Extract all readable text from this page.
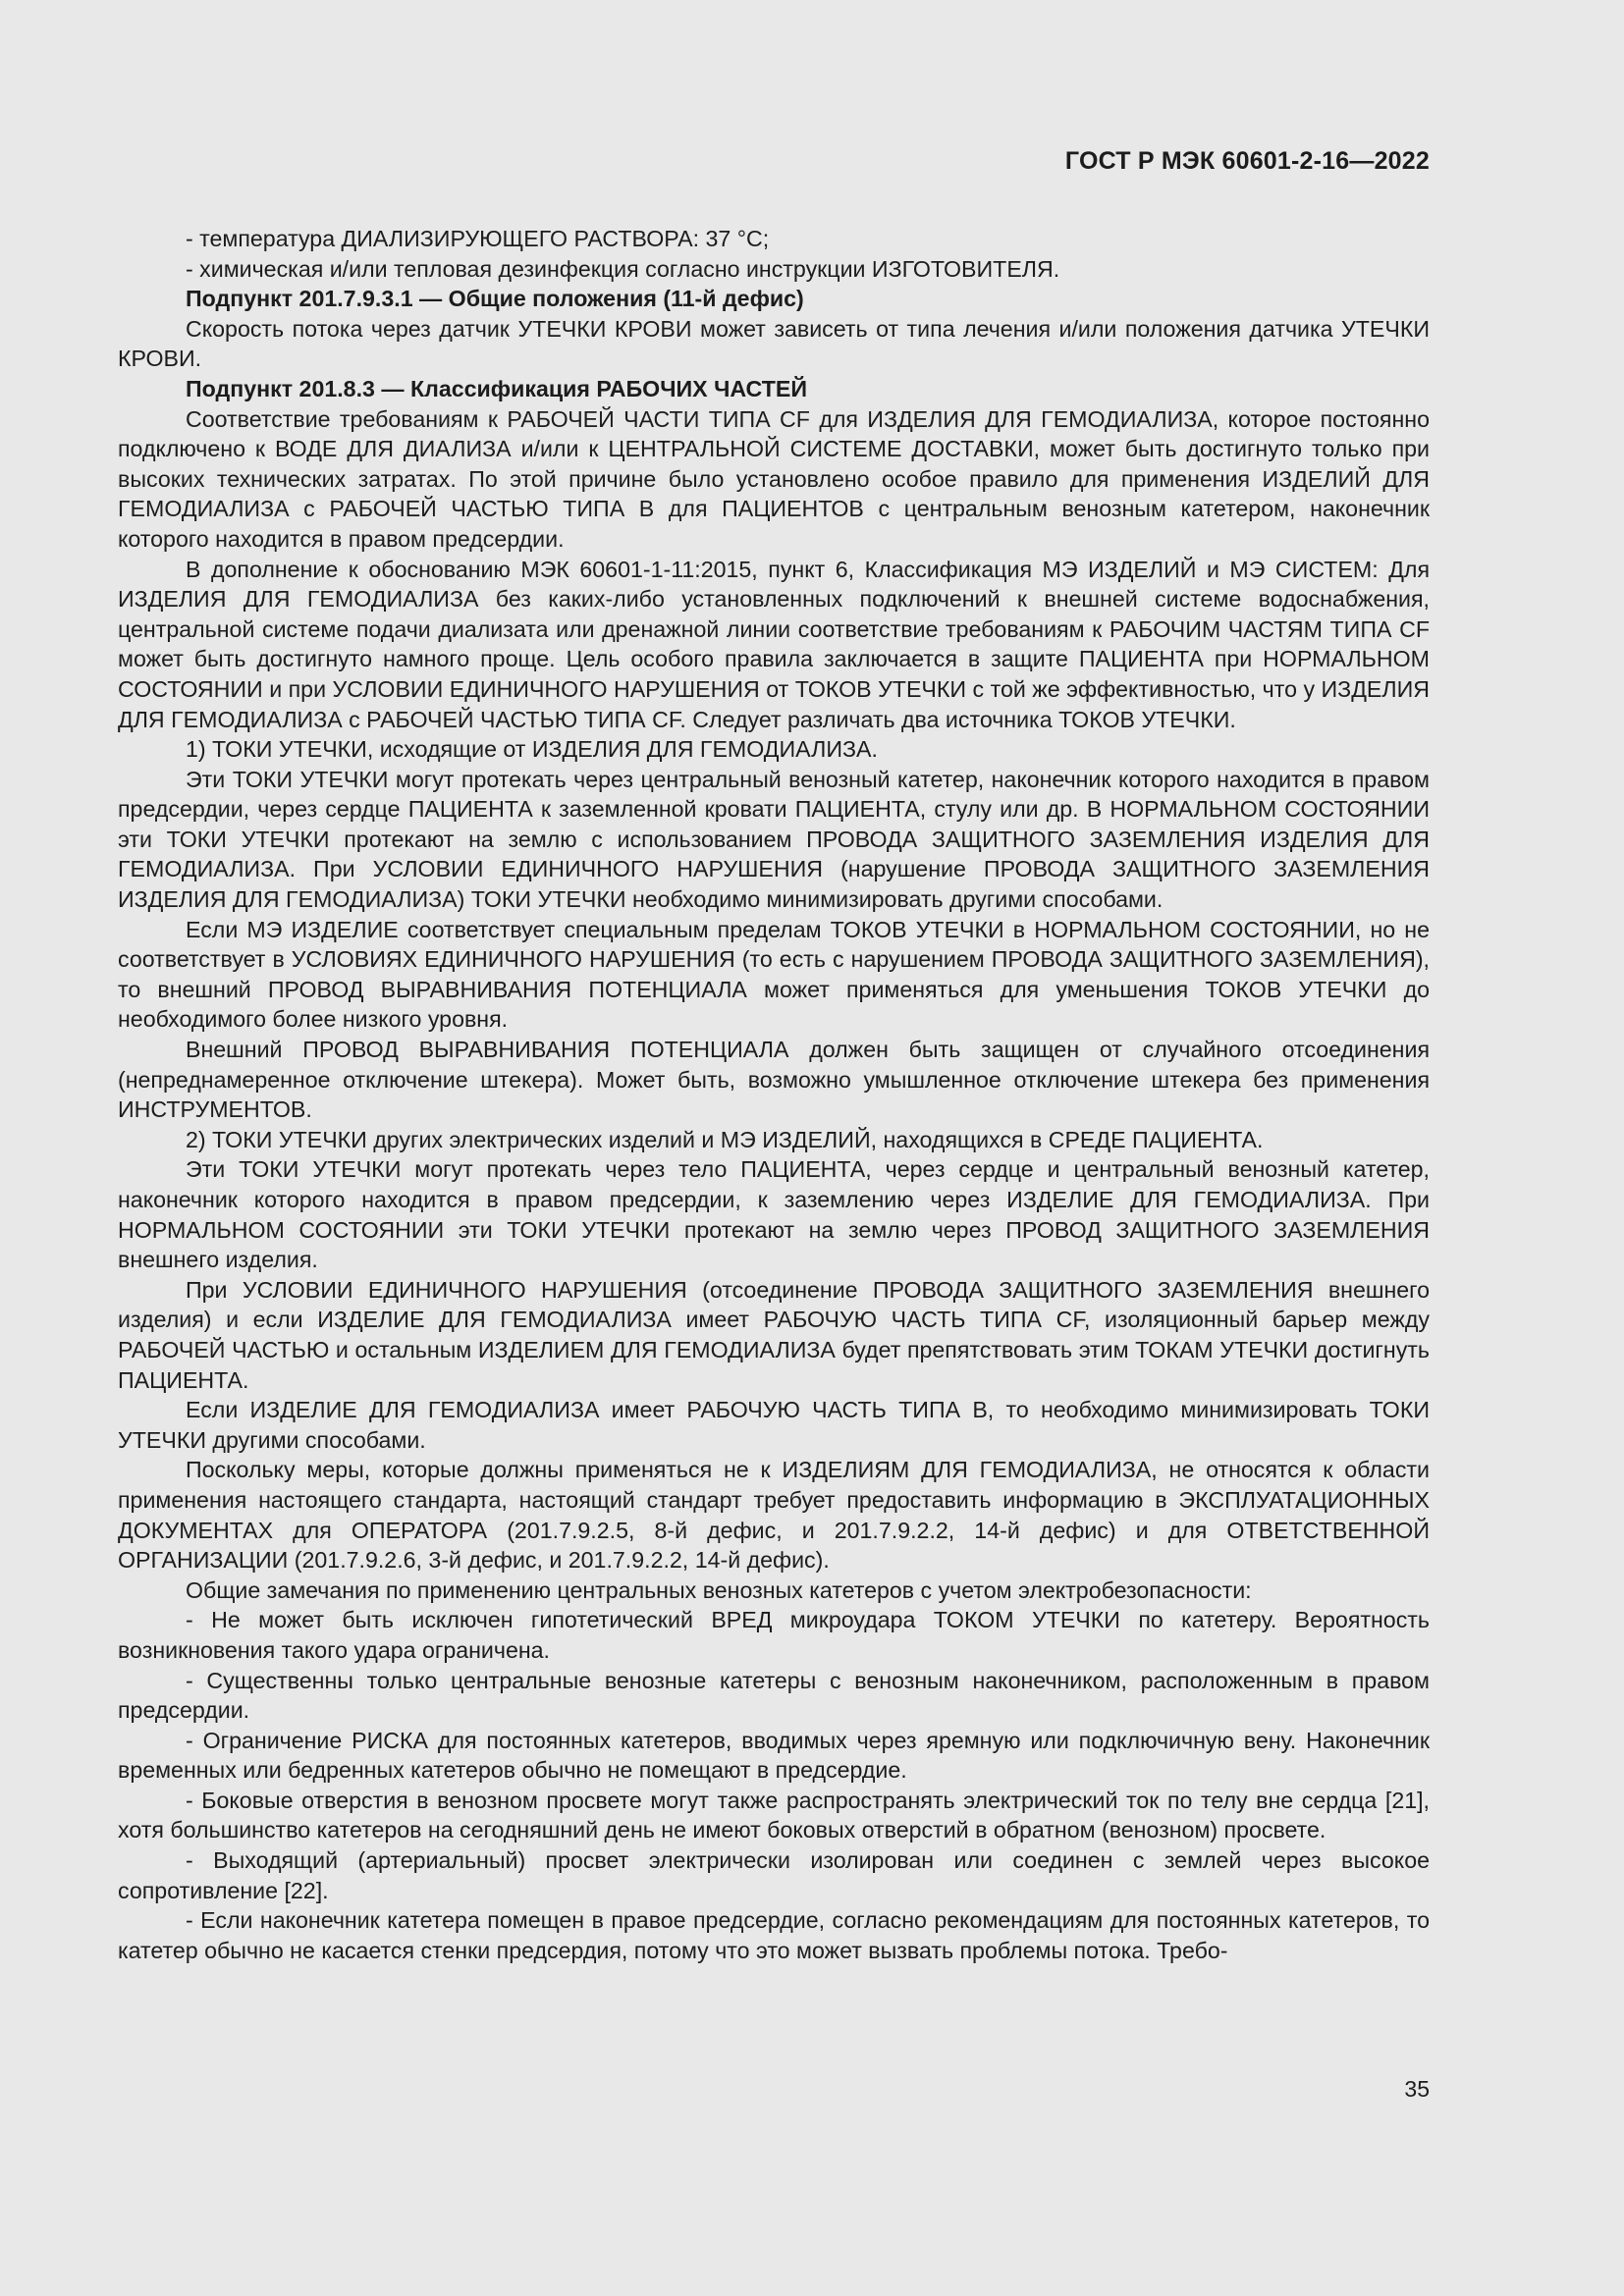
ГОСТ Р МЭК 60601-2-16—2022

- температура ДИАЛИЗИРУЮЩЕГО РАСТВОРА: 37 °С;

- химическая и/или тепловая дезинфекция согласно инструкции ИЗГОТОВИТЕЛЯ.

Подпункт 201.7.9.3.1 — Общие положения (11-й дефис)

Скорость потока через датчик УТЕЧКИ КРОВИ может зависеть от типа лечения и/или положения датчика УТЕЧКИ КРОВИ.

Подпункт 201.8.3 — Классификация РАБОЧИХ ЧАСТЕЙ

Соответствие требованиям к РАБОЧЕЙ ЧАСТИ ТИПА CF для ИЗДЕЛИЯ ДЛЯ ГЕМОДИАЛИЗА, которое постоянно подключено к ВОДЕ ДЛЯ ДИАЛИЗА и/или к ЦЕНТРАЛЬНОЙ СИСТЕМЕ ДОСТАВКИ, может быть достигнуто только при высоких технических затратах. По этой причине было установлено особое правило для применения ИЗДЕЛИЙ ДЛЯ ГЕМОДИАЛИЗА с РАБОЧЕЙ ЧАСТЬЮ ТИПА В для ПАЦИЕНТОВ с центральным венозным катетером, наконечник которого находится в правом предсердии.

В дополнение к обоснованию МЭК 60601-1-11:2015, пункт 6, Классификация МЭ ИЗДЕЛИЙ и МЭ СИСТЕМ: Для ИЗДЕЛИЯ ДЛЯ ГЕМОДИАЛИЗА без каких-либо установленных подключений к внешней системе водоснабжения, центральной системе подачи диализата или дренажной линии соответствие требованиям к РАБОЧИМ ЧАСТЯМ ТИПА CF может быть достигнуто намного проще. Цель особого правила заключается в защите ПАЦИЕНТА при НОРМАЛЬНОМ СОСТОЯНИИ и при УСЛОВИИ ЕДИНИЧНОГО НАРУШЕНИЯ от ТОКОВ УТЕЧКИ с той же эффективностью, что у ИЗДЕЛИЯ ДЛЯ ГЕМОДИАЛИЗА с РАБОЧЕЙ ЧАСТЬЮ ТИПА CF. Следует различать два источника ТОКОВ УТЕЧКИ.

1) ТОКИ УТЕЧКИ, исходящие от ИЗДЕЛИЯ ДЛЯ ГЕМОДИАЛИЗА.

Эти ТОКИ УТЕЧКИ могут протекать через центральный венозный катетер, наконечник которого находится в правом предсердии, через сердце ПАЦИЕНТА к заземленной кровати ПАЦИЕНТА, стулу или др. В НОРМАЛЬНОМ СОСТОЯНИИ эти ТОКИ УТЕЧКИ протекают на землю с использованием ПРОВОДА ЗАЩИТНОГО ЗАЗЕМЛЕНИЯ ИЗДЕЛИЯ ДЛЯ ГЕМОДИАЛИЗА. При УСЛОВИИ ЕДИНИЧНОГО НАРУШЕНИЯ (нарушение ПРОВОДА ЗАЩИТНОГО ЗАЗЕМЛЕНИЯ ИЗДЕЛИЯ ДЛЯ ГЕМОДИАЛИЗА) ТОКИ УТЕЧКИ необходимо минимизировать другими способами.

Если МЭ ИЗДЕЛИЕ соответствует специальным пределам ТОКОВ УТЕЧКИ в НОРМАЛЬНОМ СОСТОЯНИИ, но не соответствует в УСЛОВИЯХ ЕДИНИЧНОГО НАРУШЕНИЯ (то есть с нарушением ПРОВОДА ЗАЩИТНОГО ЗАЗЕМЛЕНИЯ), то внешний ПРОВОД ВЫРАВНИВАНИЯ ПОТЕНЦИАЛА может применяться для уменьшения ТОКОВ УТЕЧКИ до необходимого более низкого уровня.

Внешний ПРОВОД ВЫРАВНИВАНИЯ ПОТЕНЦИАЛА должен быть защищен от случайного отсоединения (непреднамеренное отключение штекера). Может быть, возможно умышленное отключение штекера без применения ИНСТРУМЕНТОВ.

2) ТОКИ УТЕЧКИ других электрических изделий и МЭ ИЗДЕЛИЙ, находящихся в СРЕДЕ ПАЦИЕНТА.

Эти ТОКИ УТЕЧКИ могут протекать через тело ПАЦИЕНТА, через сердце и центральный венозный катетер, наконечник которого находится в правом предсердии, к заземлению через ИЗДЕЛИЕ ДЛЯ ГЕМОДИАЛИЗА. При НОРМАЛЬНОМ СОСТОЯНИИ эти ТОКИ УТЕЧКИ протекают на землю через ПРОВОД ЗАЩИТНОГО ЗАЗЕМЛЕНИЯ внешнего изделия.

При УСЛОВИИ ЕДИНИЧНОГО НАРУШЕНИЯ (отсоединение ПРОВОДА ЗАЩИТНОГО ЗАЗЕМЛЕНИЯ внешнего изделия) и если ИЗДЕЛИЕ ДЛЯ ГЕМОДИАЛИЗА имеет РАБОЧУЮ ЧАСТЬ ТИПА CF, изоляционный барьер между РАБОЧЕЙ ЧАСТЬЮ и остальным ИЗДЕЛИЕМ ДЛЯ ГЕМОДИАЛИЗА будет препятствовать этим ТОКАМ УТЕЧКИ достигнуть ПАЦИЕНТА.

Если ИЗДЕЛИЕ ДЛЯ ГЕМОДИАЛИЗА имеет РАБОЧУЮ ЧАСТЬ ТИПА В, то необходимо минимизировать ТОКИ УТЕЧКИ другими способами.

Поскольку меры, которые должны применяться не к ИЗДЕЛИЯМ ДЛЯ ГЕМОДИАЛИЗА, не относятся к области применения настоящего стандарта, настоящий стандарт требует предоставить информацию в ЭКСПЛУАТАЦИОННЫХ ДОКУМЕНТАХ для ОПЕРАТОРА (201.7.9.2.5, 8-й дефис, и 201.7.9.2.2, 14-й дефис) и для ОТВЕТСТВЕННОЙ ОРГАНИЗАЦИИ (201.7.9.2.6, 3-й дефис, и 201.7.9.2.2, 14-й дефис).

Общие замечания по применению центральных венозных катетеров с учетом электробезопасности:

- Не может быть исключен гипотетический ВРЕД микроудара ТОКОМ УТЕЧКИ по катетеру. Вероятность возникновения такого удара ограничена.

- Существенны только центральные венозные катетеры с венозным наконечником, расположенным в правом предсердии.

- Ограничение РИСКА для постоянных катетеров, вводимых через яремную или подключичную вену. Наконечник временных или бедренных катетеров обычно не помещают в предсердие.

- Боковые отверстия в венозном просвете могут также распространять электрический ток по телу вне сердца [21], хотя большинство катетеров на сегодняшний день не имеют боковых отверстий в обратном (венозном) просвете.

- Выходящий (артериальный) просвет электрически изолирован или соединен с землей через высокое сопротивление [22].

- Если наконечник катетера помещен в правое предсердие, согласно рекомендациям для постоянных катетеров, то катетер обычно не касается стенки предсердия, потому что это может вызвать проблемы потока. Требо-

35
